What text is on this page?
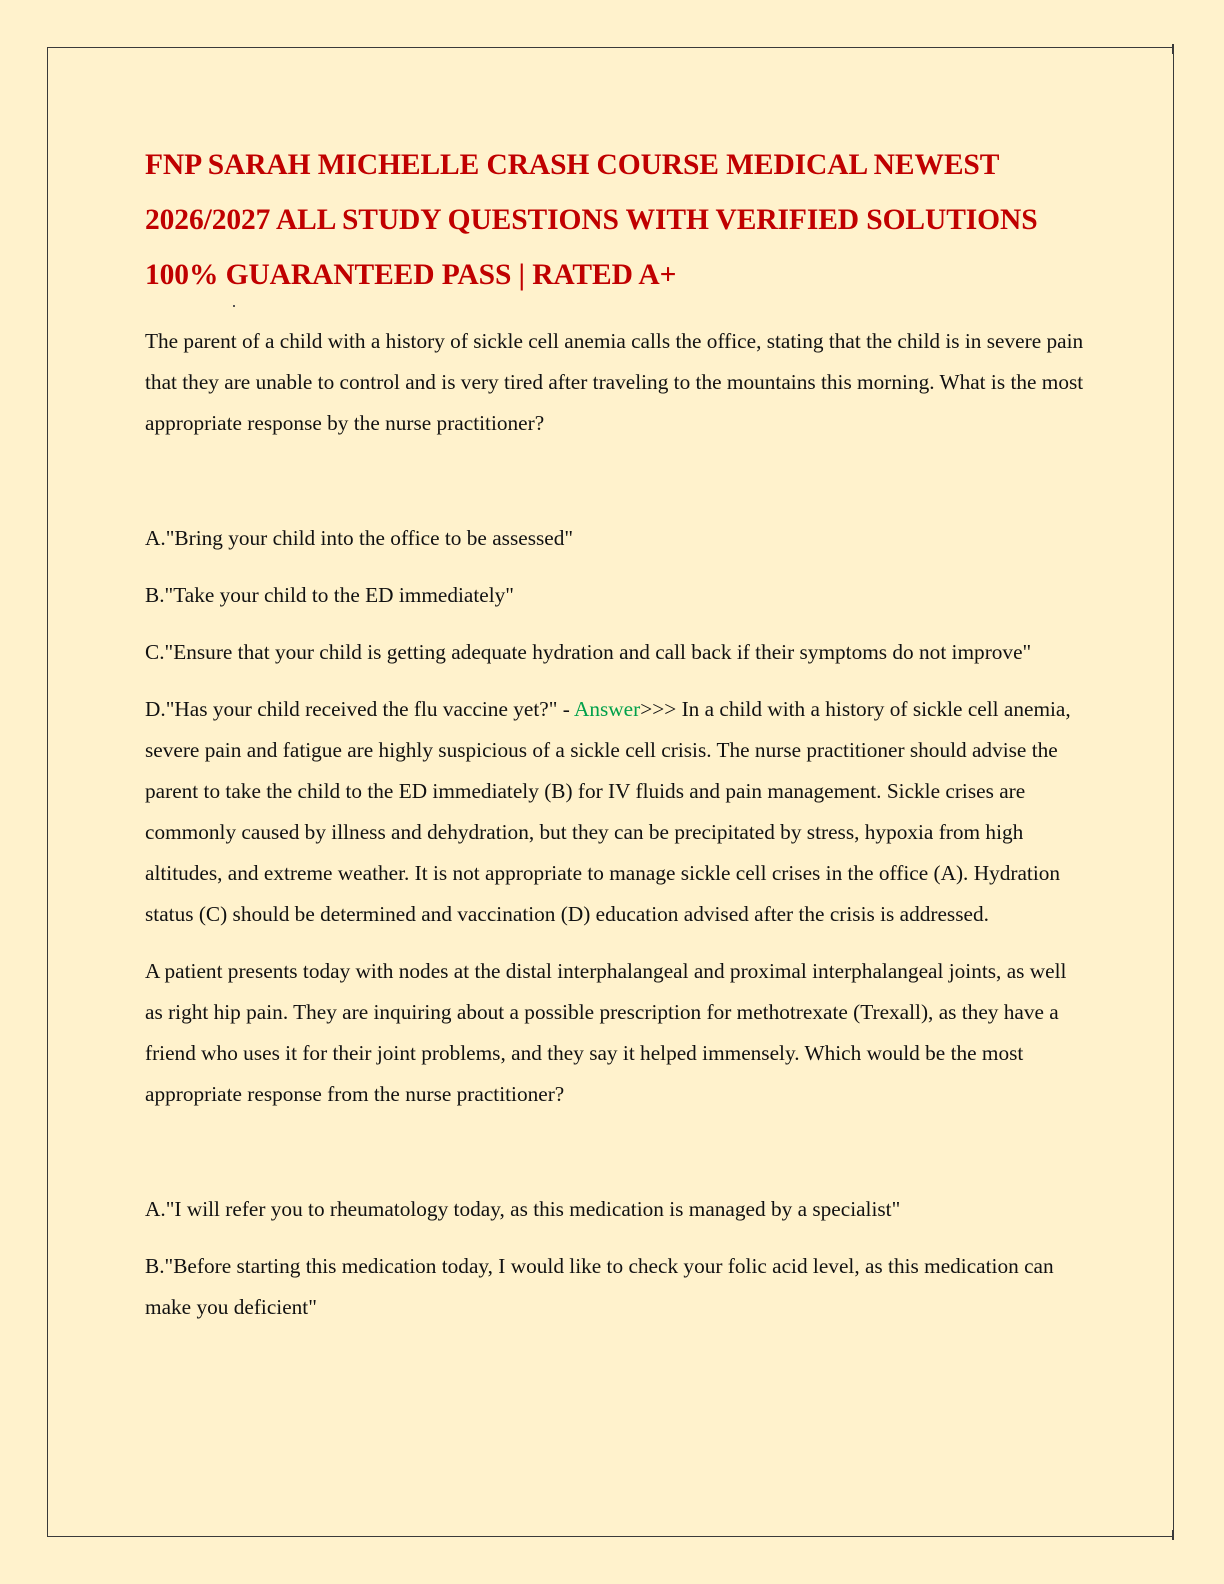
FNP SARAH MICHELLE CRASH COURSE MEDICAL NEWEST 2026/2027 ALL STUDY QUESTIONS WITH VERIFIED SOLUTIONS 100% GUARANTEED PASS | RATED A+

The parent of a child with a history of sickle cell anemia calls the office, stating that the child is in severe pain that they are unable to control and is very tired after traveling to the mountains this morning. What is the most appropriate response by the nurse practitioner?

A."Bring your child into the office to be assessed"

B."Take your child to the ED immediately"

C."Ensure that your child is getting adequate hydration and call back if their symptoms do not improve"

D."Has your child received the flu vaccine yet?" - Answer>>> In a child with a history of sickle cell anemia, severe pain and fatigue are highly suspicious of a sickle cell crisis. The nurse practitioner should advise the parent to take the child to the ED immediately (B) for IV fluids and pain management. Sickle crises are commonly caused by illness and dehydration, but they can be precipitated by stress, hypoxia from high altitudes, and extreme weather. It is not appropriate to manage sickle cell crises in the office (A). Hydration status (C) should be determined and vaccination (D) education advised after the crisis is addressed.

A patient presents today with nodes at the distal interphalangeal and proximal interphalangeal joints, as well as right hip pain. They are inquiring about a possible prescription for methotrexate (Trexall), as they have a friend who uses it for their joint problems, and they say it helped immensely. Which would be the most appropriate response from the nurse practitioner?

A."I will refer you to rheumatology today, as this medication is managed by a specialist"

B."Before starting this medication today, I would like to check your folic acid level, as this medication can make you deficient"
